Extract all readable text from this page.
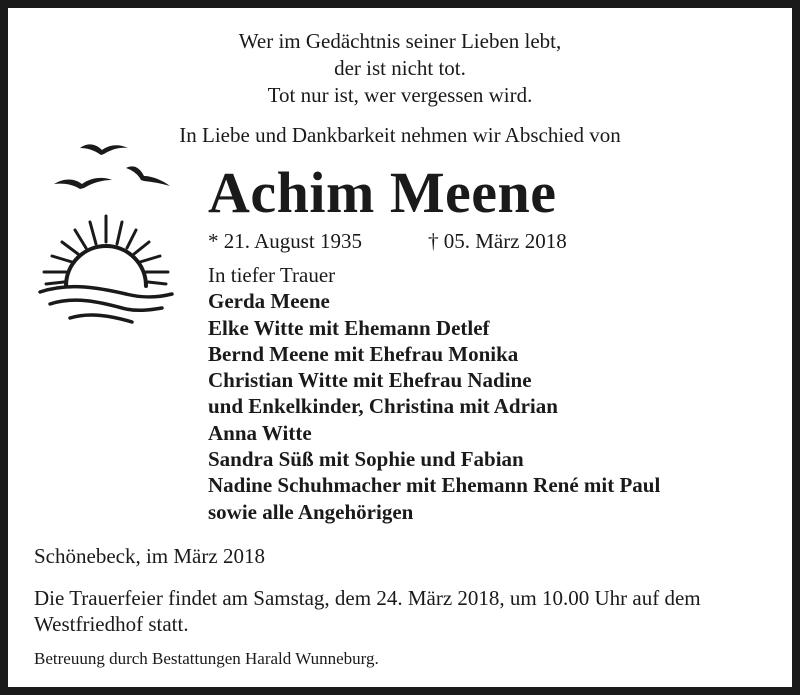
Wer im Gedächtnis seiner Lieben lebt,
der ist nicht tot.
Tot nur ist, wer vergessen wird.
In Liebe und Dankbarkeit nehmen wir Abschied von
Achim Meene
* 21. August 1935	† 05. März 2018
In tiefer Trauer
Gerda Meene
Elke Witte mit Ehemann Detlef
Bernd Meene mit Ehefrau Monika
Christian Witte mit Ehefrau Nadine
und Enkelkinder, Christina mit Adrian
Anna Witte
Sandra Süß mit Sophie und Fabian
Nadine Schuhmacher mit Ehemann René mit Paul
sowie alle Angehörigen
Schönebeck, im März 2018
Die Trauerfeier findet am Samstag, dem 24. März 2018, um 10.00 Uhr auf dem Westfriedhof statt.
Betreuung durch Bestattungen Harald Wunneburg.
